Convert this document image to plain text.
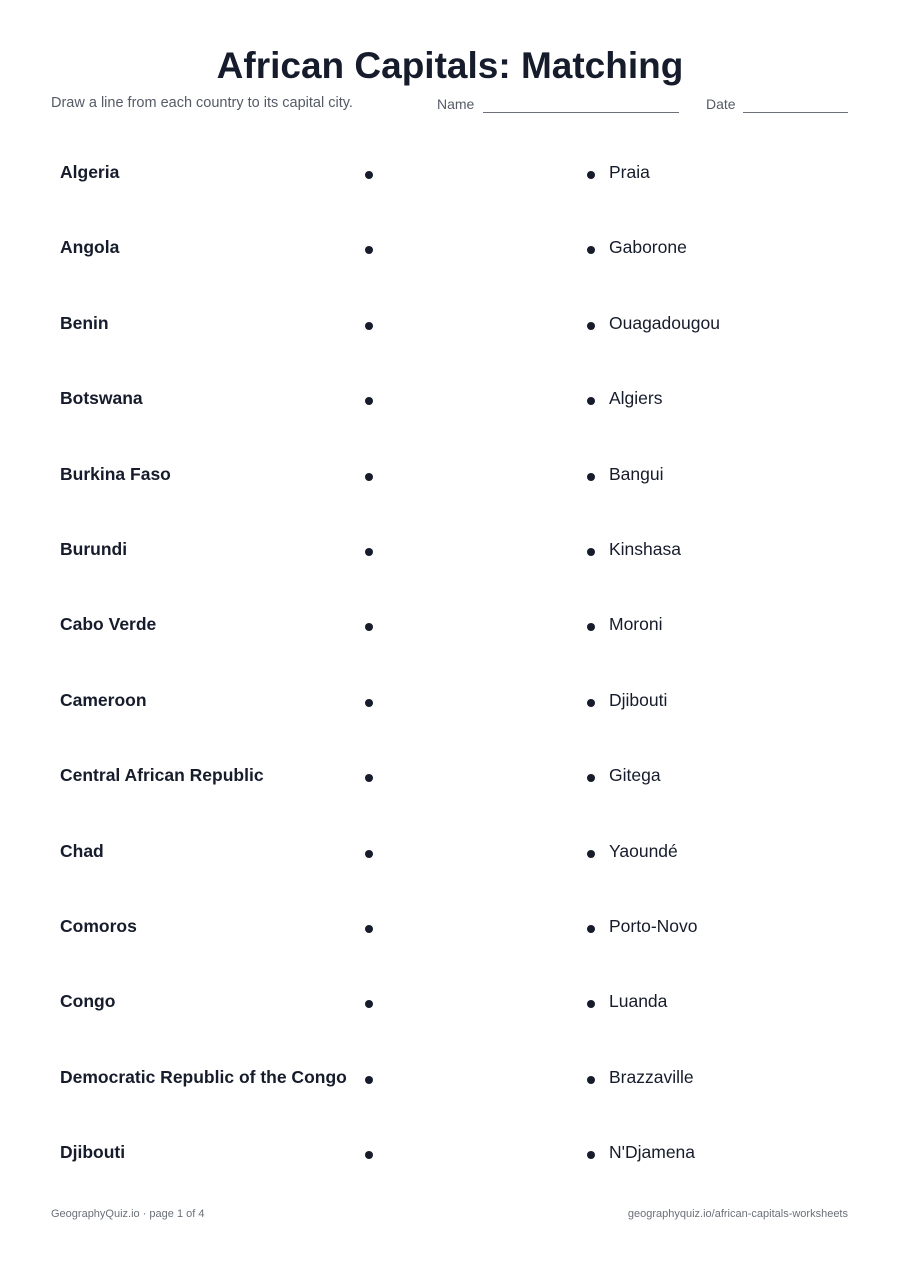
African Capitals: Matching
Draw a line from each country to its capital city.	Name	Date
Algeria	Praia
Angola	Gaborone
Benin	Ouagadougou
Botswana	Algiers
Burkina Faso	Bangui
Burundi	Kinshasa
Cabo Verde	Moroni
Cameroon	Djibouti
Central African Republic	Gitega
Chad	Yaoundé
Comoros	Porto-Novo
Congo	Luanda
Democratic Republic of the Congo	Brazzaville
Djibouti	N'Djamena
GeographyQuiz.io · page 1 of 4	geographyquiz.io/african-capitals-worksheets
